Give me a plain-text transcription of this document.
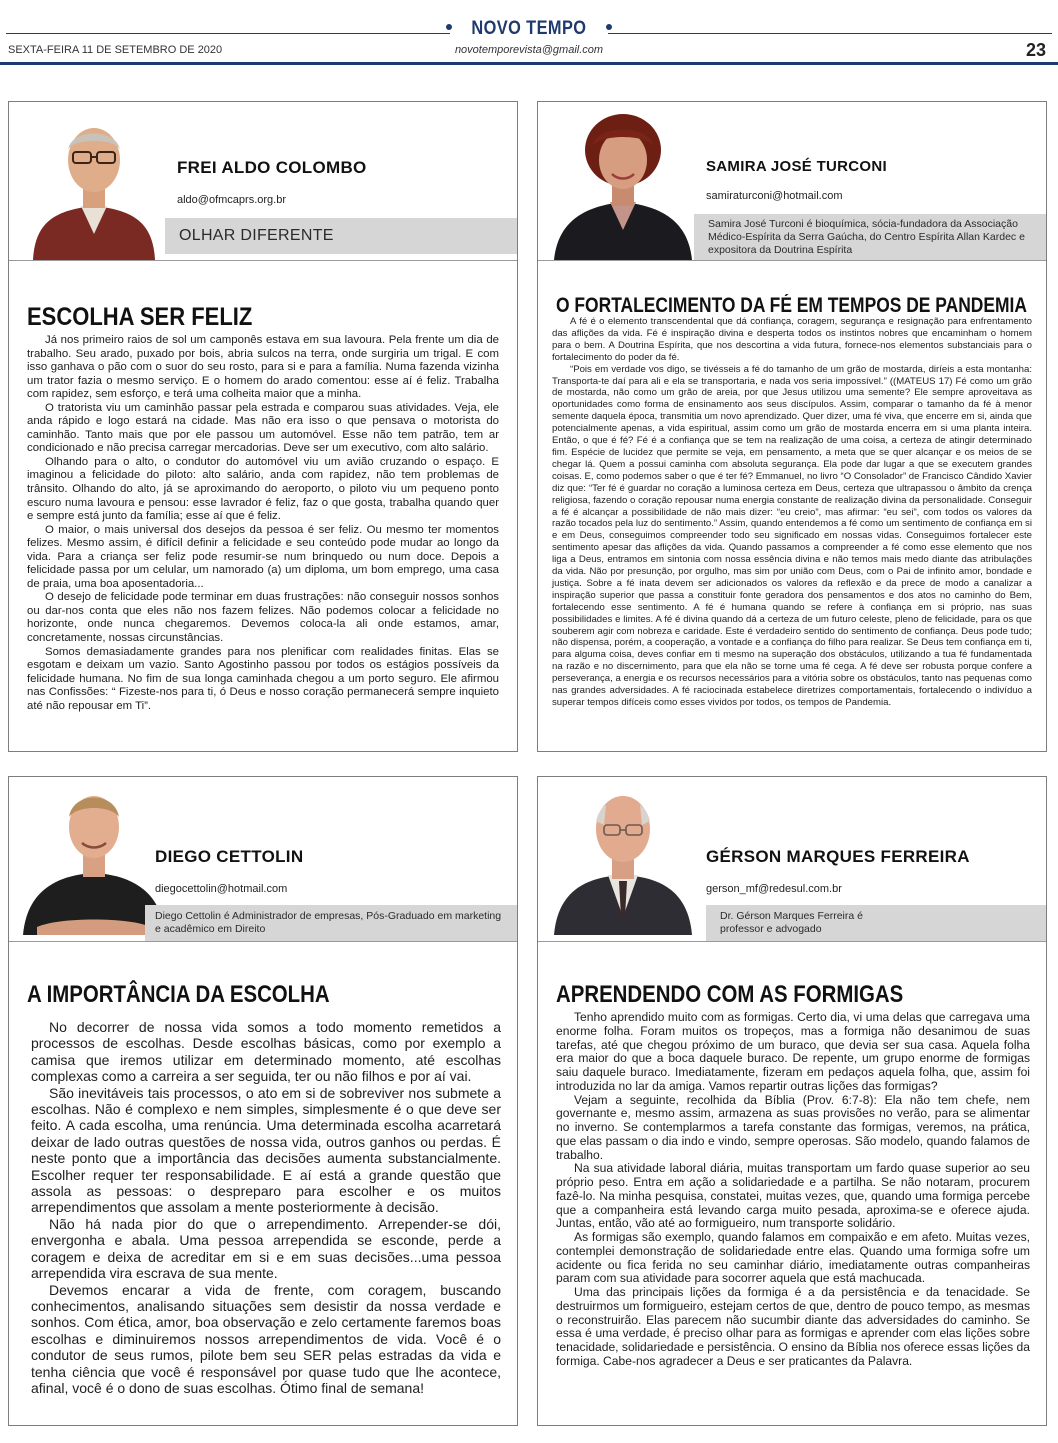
NOVO TEMPO
SEXTA-FEIRA 11 DE SETEMBRO DE 2020	novotemporevista@gmail.com	23
FREI ALDO COLOMBO
aldo@ofmcaprs.org.br
OLHAR DIFERENTE
ESCOLHA SER FELIZ

Já nos primeiro raios de sol um camponês estava em sua lavoura. Pela frente um dia de trabalho. Seu arado, puxado por bois, abria sulcos na terra, onde surgiria um trigal. E com isso ganhava o pão com o suor do seu rosto, para si e para a família. Numa fazenda vizinha um trator fazia o mesmo serviço. E o homem do arado comentou: esse aí é feliz. Trabalha com rapidez, sem esforço, e terá uma colheita maior que a minha.

O tratorista viu um caminhão passar pela estrada e comparou suas atividades. Veja, ele anda rápido e logo estará na cidade. Mas não era isso o que pensava o motorista do caminhão. Tanto mais que por ele passou um automóvel. Esse não tem patrão, tem ar condicionado e não precisa carregar mercadorias. Deve ser um executivo, com alto salário.

Olhando para o alto, o condutor do automóvel viu um avião cruzando o espaço. E imaginou a felicidade do piloto: alto salário, anda com rapidez, não tem problemas de trânsito. Olhando do alto, já se aproximando do aeroporto, o piloto viu um pequeno ponto escuro numa lavoura e pensou: esse lavrador é feliz, faz o que gosta, trabalha quando quer e sempre está junto da família; esse aí que é feliz.

O maior, o mais universal dos desejos da pessoa é ser feliz. Ou mesmo ter momentos felizes. Mesmo assim, é difícil definir a felicidade e seu conteúdo pode mudar ao longo da vida. Para a criança ser feliz pode resumir-se num brinquedo ou num doce. Depois a felicidade passa por um celular, um namorado (a) um diploma, um bom emprego, uma casa de praia, uma boa aposentadoria...

O desejo de felicidade pode terminar em duas frustrações: não conseguir nossos sonhos ou dar-nos conta que eles não nos fazem felizes. Não podemos colocar a felicidade no horizonte, onde nunca chegaremos. Devemos coloca-la ali onde estamos, amar, concretamente, nossas circunstâncias.

Somos demasiadamente grandes para nos plenificar com realidades finitas. Elas se esgotam e deixam um vazio. Santo Agostinho passou por todos os estágios possíveis da felicidade humana. No fim de sua longa caminhada chegou a um porto seguro. Ele afirmou nas Confissões: “ Fizeste-nos para ti, ó Deus e nosso coração permanecerá sempre inquieto até não repousar em Ti”.

SAMIRA JOSÉ TURCONI
samiraturconi@hotmail.com
Samira José Turconi é bioquímica, sócia-fundadora da Associação Médico-Espírita da Serra Gaúcha, do Centro Espírita Allan Kardec e expositora da Doutrina Espírita
O FORTALECIMENTO DA FÉ EM TEMPOS DE PANDEMIA

A fé é o elemento transcendental que dá confiança, coragem, segurança e resignação para enfrentamento das aflições da vida. Fé é inspiração divina e desperta todos os instintos nobres que encaminham o homem para o bem. A Doutrina Espírita, que nos descortina a vida futura, fornece-nos elementos substanciais para o fortalecimento do poder da fé.

“Pois em verdade vos digo, se tivésseis a fé do tamanho de um grão de mostarda, diríeis a esta montanha: Transporta-te daí para ali e ela se transportaria, e nada vos seria impossível.” ((MATEUS 17) Fé como um grão de mostarda, não como um grão de areia, por que Jesus utilizou uma semente? Ele sempre aproveitava as oportunidades como forma de ensinamento aos seus discípulos. Assim, comparar o tamanho da fé à menor semente daquela época, transmitia um novo aprendizado. Quer dizer, uma fé viva, que encerre em si, ainda que potencialmente apenas, a vida espiritual, assim como um grão de mostarda encerra em si uma planta inteira. Então, o que é fé? Fé é a confiança que se tem na realização de uma coisa, a certeza de atingir determinado fim. Espécie de lucidez que permite se veja, em pensamento, a meta que se quer alcançar e os meios de se chegar lá. Quem a possui caminha com absoluta segurança. Ela pode dar lugar a que se executem grandes coisas. E, como podemos saber o que é ter fé? Emmanuel, no livro “O Consolador” de Francisco Cândido Xavier diz que: “Ter fé é guardar no coração a luminosa certeza em Deus, certeza que ultrapassou o âmbito da crença religiosa, fazendo o coração repousar numa energia constante de realização divina da personalidade. Conseguir a fé é alcançar a possibilidade de não mais dizer: “eu creio”, mas afirmar: “eu sei”, com todos os valores da razão tocados pela luz do sentimento.” Assim, quando entendemos a fé como um sentimento de confiança em si e em Deus, conseguimos compreender todo seu significado em nossas vidas. Conseguimos fortalecer este sentimento apesar das aflições da vida. Quando passamos a compreender a fé como esse elemento que nos liga a Deus, entramos em sintonia com nossa essência divina e não temos mais medo diante das atribulações da vida. Não por presunção, por orgulho, mas sim por união com Deus, com o Pai de infinito amor, bondade e justiça. Sobre a fé inata devem ser adicionados os valores da reflexão e da prece de modo a canalizar a inspiração superior que passa a constituir fonte geradora dos pensamentos e dos atos no caminho do Bem, fortalecendo esse sentimento. A fé é humana quando se refere à confiança em si próprio, nas suas possibilidades e limites. A fé é divina quando dá a certeza de um futuro celeste, pleno de felicidade, para os que souberem agir com nobreza e caridade. Este é verdadeiro sentido do sentimento de confiança. Deus pode tudo; não dispensa, porém, a cooperação, a vontade e a confiança do filho para realizar. Se Deus tem confiança em ti, para alguma coisa, deves confiar em ti mesmo na superação dos obstáculos, utilizando a tua fé fundamentada na razão e no discernimento, para que ela não se torne uma fé cega. A fé deve ser robusta porque confere a perseverança, a energia e os recursos necessários para a vitória sobre os obstáculos, tanto nas pequenas como nas grandes adversidades. A fé raciocinada estabelece diretrizes comportamentais, fortalecendo o indivíduo a superar tempos difíceis como esses vividos por todos, os tempos de Pandemia.

DIEGO CETTOLIN
diegocettolin@hotmail.com
Diego Cettolin é Administrador de empresas, Pós-Graduado em marketing e acadêmico em Direito
A IMPORTÂNCIA DA ESCOLHA

No decorrer de nossa vida somos a todo momento remetidos a processos de escolhas. Desde escolhas básicas, como por exemplo a camisa que iremos utilizar em determinado momento, até escolhas complexas como a carreira a ser seguida, ter ou não filhos e por aí vai.

São inevitáveis tais processos, o ato em si de sobreviver nos submete a escolhas. Não é complexo e nem simples, simplesmente é o que deve ser feito. A cada escolha, uma renúncia. Uma determinada escolha acarretará deixar de lado outras questões de nossa vida, outros ganhos ou perdas. É neste ponto que a importância das decisões aumenta substancialmente. Escolher requer ter responsabilidade. E aí está a grande questão que assola as pessoas: o despreparo para escolher e os muitos arrependimentos que assolam a mente posteriormente à decisão.

Não há nada pior do que o arrependimento. Arrepender-se dói, envergonha e abala. Uma pessoa arrependida se esconde, perde a coragem e deixa de acreditar em si e em suas decisões...uma pessoa arrependida vira escrava de sua mente.

Devemos encarar a vida de frente, com coragem, buscando conhecimentos, analisando situações sem desistir da nossa verdade e sonhos. Com ética, amor, boa observação e zelo certamente faremos boas escolhas e diminuiremos nossos arrependimentos de vida. Você é o condutor de seus rumos, pilote bem seu SER pelas estradas da vida e tenha ciência que você é responsável por quase tudo que lhe acontece, afinal, você é o dono de suas escolhas. Ótimo final de semana!

GÉRSON MARQUES FERREIRA
gerson_mf@redesul.com.br
Dr. Gérson Marques Ferreira é professor e advogado
APRENDENDO COM AS FORMIGAS

Tenho aprendido muito com as formigas. Certo dia, vi uma delas que carregava uma enorme folha. Foram muitos os tropeços, mas a formiga não desanimou de suas tarefas, até que chegou próximo de um buraco, que devia ser sua casa. Aquela folha era maior do que a boca daquele buraco. De repente, um grupo enorme de formigas saiu daquele buraco. Imediatamente, fizeram em pedaços aquela folha, que, assim foi introduzida no lar da amiga. Vamos repartir outras lições das formigas?

Vejam a seguinte, recolhida da Bíblia (Prov. 6:7-8): Ela não tem chefe, nem governante e, mesmo assim, armazena as suas provisões no verão, para se alimentar no inverno. Se contemplarmos a tarefa constante das formigas, veremos, na prática, que elas passam o dia indo e vindo, sempre operosas. São modelo, quando falamos de trabalho.

Na sua atividade laboral diária, muitas transportam um fardo quase superior ao seu próprio peso. Entra em ação a solidariedade e a partilha. Se não notaram, procurem fazê-lo. Na minha pesquisa, constatei, muitas vezes, que, quando uma formiga percebe que a companheira está levando carga muito pesada, aproxima-se e oferece ajuda. Juntas, então, vão até ao formigueiro, num transporte solidário.

As formigas são exemplo, quando falamos em compaixão e em afeto. Muitas vezes, contemplei demonstração de solidariedade entre elas. Quando uma formiga sofre um acidente ou fica ferida no seu caminhar diário, imediatamente outras companheiras param com sua atividade para socorrer aquela que está machucada.

Uma das principais lições da formiga é a da persistência e da tenacidade. Se destruirmos um formigueiro, estejam certos de que, dentro de pouco tempo, as mesmas o reconstruirão. Elas parecem não sucumbir diante das adversidades do caminho. Se essa é uma verdade, é preciso olhar para as formigas e aprender com elas lições sobre tenacidade, solidariedade e persistência. O ensino da Bíblia nos oferece essas lições da formiga. Cabe-nos agradecer a Deus e ser praticantes da Palavra.
